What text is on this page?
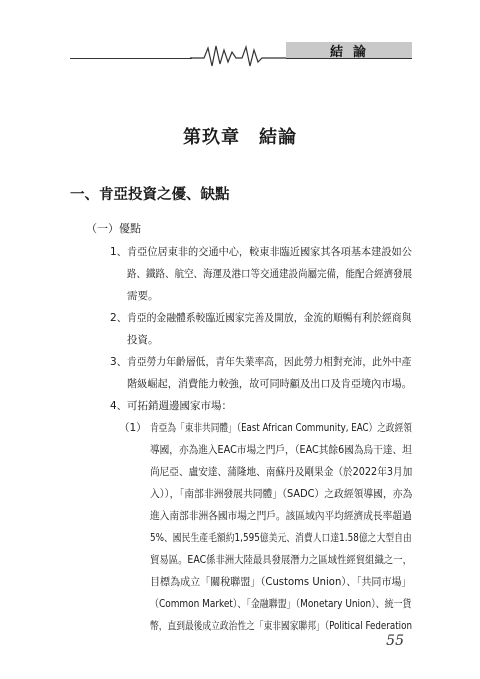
結論
第玖章　結論
一、肯亞投資之優、缺點
（一）優點
1、 肯亞位居東非的交通中心，較東非臨近國家其各項基本建設如公
路、鐵路、航空、海運及港口等交通建設尚屬完備，能配合經濟發展
需要。
2、 肯亞的金融體系較臨近國家完善及開放，金流的順暢有利於經商與
投資。
3、 肯亞勞力年齡層低，青年失業率高，因此勞力相對充沛，此外中產
階級崛起，消費能力較強，故可同時顧及出口及肯亞境內市場。
4、 可拓銷週邊國家市場：
（1） 肯亞為「東非共同體」（East African Community, EAC）之政經領
導國，亦為進入EAC市場之門戶，（EAC其餘6國為烏干達、坦
尚尼亞、盧安達、蒲隆地、南蘇丹及剛果金（於2022年3月加
入）），「南部非洲發展共同體」（SADC）之政經領導國，亦為
進入南部非洲各國市場之門戶。該區域內平均經濟成長率超過
5%、國民生產毛額約1,595億美元、消費人口達1.58億之大型自由
貿易區。EAC係非洲大陸最具發展潛力之區域性經貿組織之一，
目標為成立「關稅聯盟」（Customs Union）、「共同市場」
（Common Market）、「金融聯盟」（Monetary Union）、統一貨
幣，直到最後成立政治性之「東非國家聯邦」（Political Federation
55
